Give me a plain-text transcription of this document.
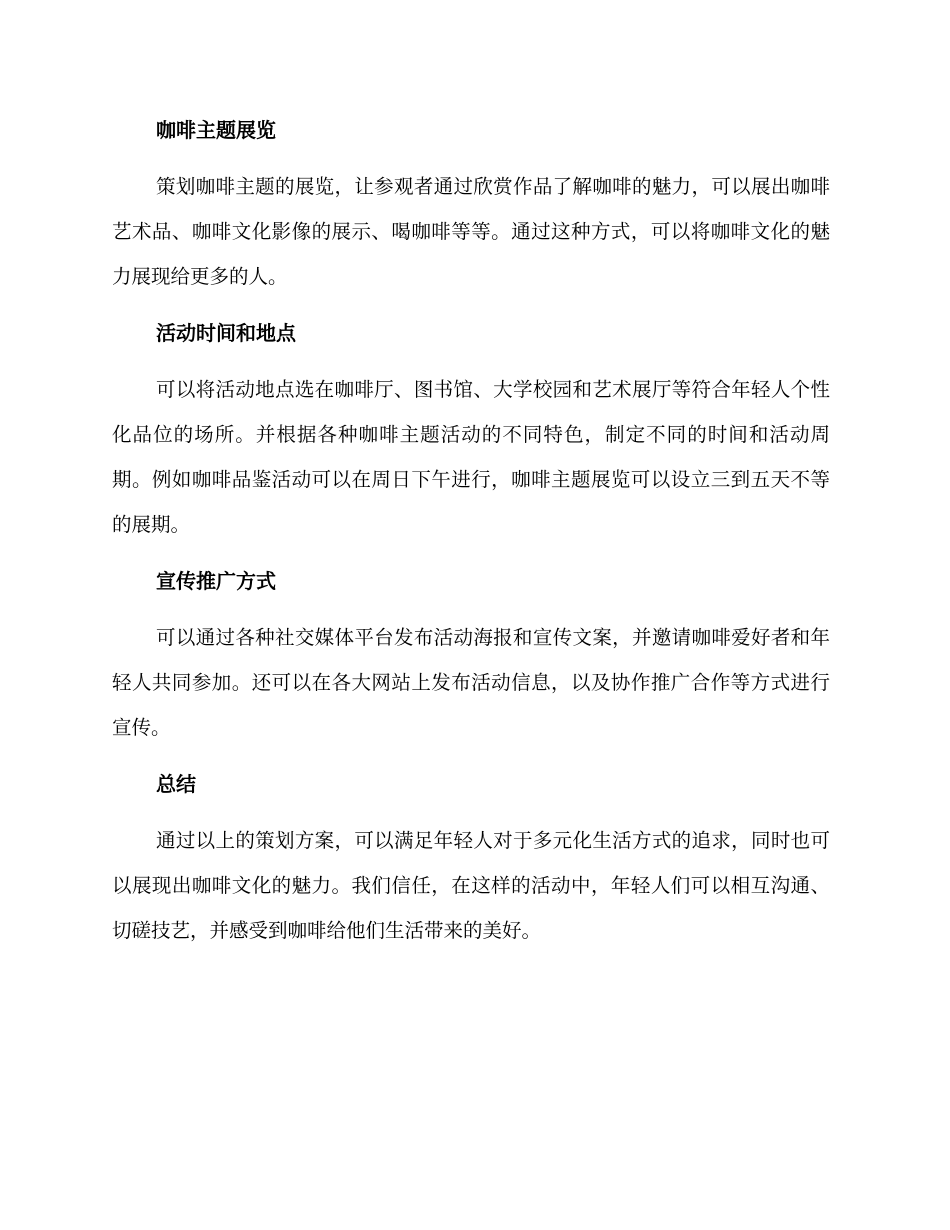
咖啡主题展览

策划咖啡主题的展览，让参观者通过欣赏作品了解咖啡的魅力，可以展出咖啡艺术品、咖啡文化影像的展示、喝咖啡等等。通过这种方式，可以将咖啡文化的魅力展现给更多的人。

活动时间和地点

可以将活动地点选在咖啡厅、图书馆、大学校园和艺术展厅等符合年轻人个性化品位的场所。并根据各种咖啡主题活动的不同特色，制定不同的时间和活动周期。例如咖啡品鉴活动可以在周日下午进行，咖啡主题展览可以设立三到五天不等的展期。

宣传推广方式

可以通过各种社交媒体平台发布活动海报和宣传文案，并邀请咖啡爱好者和年轻人共同参加。还可以在各大网站上发布活动信息，以及协作推广合作等方式进行宣传。

总结

通过以上的策划方案，可以满足年轻人对于多元化生活方式的追求，同时也可以展现出咖啡文化的魅力。我们信任，在这样的活动中，年轻人们可以相互沟通、切磋技艺，并感受到咖啡给他们生活带来的美好。
